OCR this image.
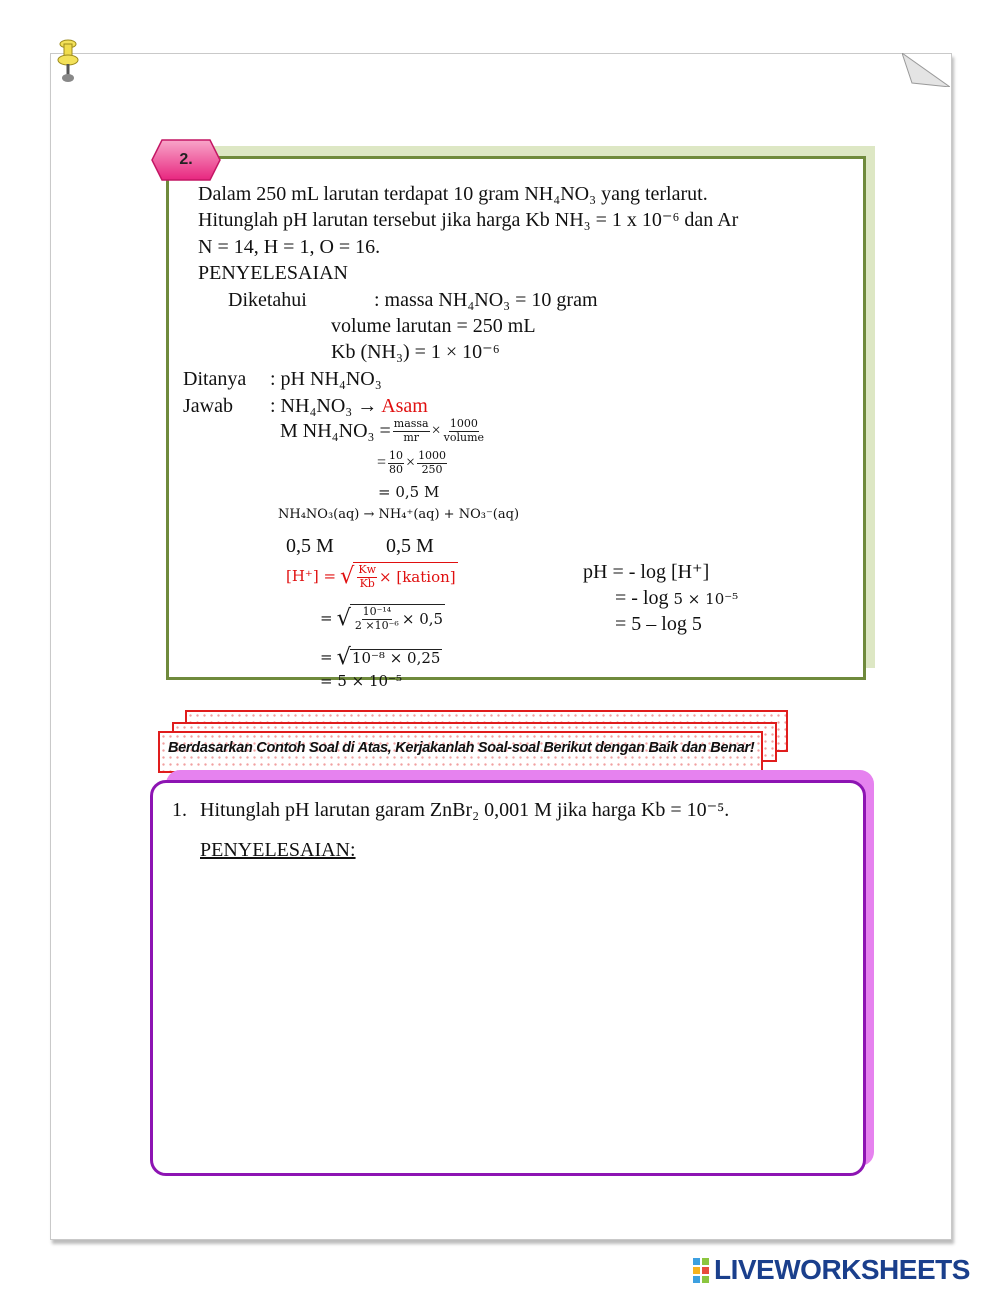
2.
Dalam 250 mL larutan terdapat 10 gram NH₄NO₃ yang terlarut.
Hitunglah pH larutan tersebut jika harga Kb NH₃ = 1 x 10⁻⁶ dan Ar
N = 14, H = 1, O = 16.
PENYELESAIAN
Diketahui	: massa NH₄NO₃ = 10 gram
volume larutan = 250 mL
Kb (NH₃) = 1 × 10⁻⁶
Ditanya : pH NH₄NO₃
Jawab : NH₄NO₃ → Asam
M $NH_4NO_3 = \frac{\text{massa}}{mr} \times \frac{1000}{\text{volume}}$
= $\frac{10}{80} \times \frac{1000}{250}$
= 0,5 M
NH₄NO₃(aq) → NH₄⁺(aq) + NO₃⁻(aq)
0,5 M	0,5 M
[H⁺] = √ $\frac{Kw}{Kb}$ × [kation]
= √ $\frac{\text{10⁻¹⁴}}{\text{2 ×10⁻⁶}} \times 0,5$
= √ 10⁻⁸ × 0,25
= 5 × 10⁻⁵
pH = - log [H⁺]
= - log 5 × 10⁻⁵
= 5 – log 5
Berdasarkan Contoh Soal di Atas, Kerjakanlah Soal-soal Berikut dengan Baik dan Benar!
1. Hitunglah pH larutan garam ZnBr₂ 0,001 M jika harga Kb = 10⁻⁵.
PENYELESAIAN:
LIVEWORKSHEETS
